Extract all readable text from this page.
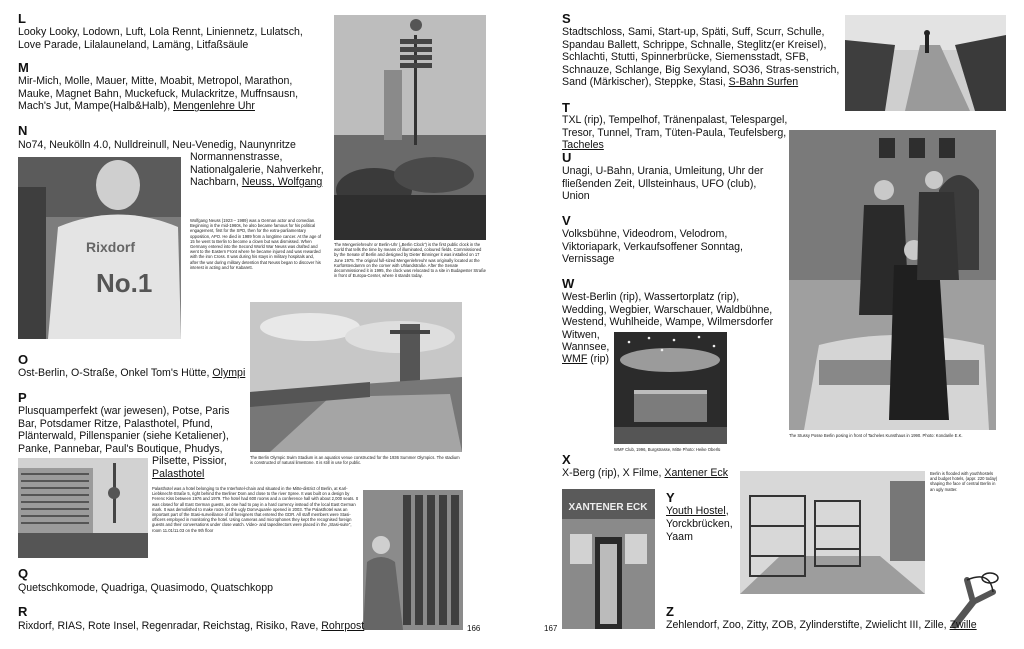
L
Looky Looky, Lodown, Luft, Lola Rennt, Liniennetz, Lulatsch, Love Parade, Lilalauneland, Lamäng, Litfaßsäule
M
Mir-Mich, Molle, Mauer, Mitte, Moabit, Metropol, Marathon, Mauke, Magnet Bahn, Muckefuck, Mulackritze, Muffnsausn, Mach's Jut, Mampe(Halb&Halb), Mengenlehre Uhr
N
No74, Neukölln 4.0, Nulldreinull, Neu-Venedig, Naunynritze
Normannenstrasse, Nationalgalerie, Nahverkehr, Nachbarn, Neuss, Wolfgang
Rixdorf
No.1
Wolfgang Neuss (1923 – 1989) was a German actor and comedian. Beginning in the mid-1960s, he also became famous for his political engagement, first for the SPD, then for the extra-parliamentary opposition, APO. He died in 1989 from a longtime cancer. At the age of 15 he went to Berlin to become a clown but was dismissed. When Germany entered into the Second World War Neuss was drafted and went to the Eastern Front where he became injured and was rewarded with the iron Cross. It was during his stays in military hospitals and, after the war during military detention that Neuss began to discover his interest in acting and for Kabarett.
The Mengenlehreuhr or Berlin-Uhr („Berlin Clock") is the first public clock in the world that tells the time by means of illuminated, coloured fields. Commissioned by the Senate of Berlin and designed by Dieter Binninger it was installed on 17 June 1975. The original full-sized Mengenlehreuhr was originally located at the Kurfürstendamm on the corner with Uhlandstraße. After the Senate decommissioned it in 1995, the clock was relocated to a site in Budapester Straße in front of Europa-Center, where it stands today.
The Berlin Olympic Swim Stadium is an aquatics venue constructed for the 1936 Summer Olympics. The stadium is constructed of natural limestone. It is still in use for public.
O
Ost-Berlin, O-Straße, Onkel Tom's Hütte, Olympi
P
Plusquamperfekt (war jewesen), Potse, Paris Bar, Potsdamer Ritze, Palasthotel, Pfund, Plänterwald, Pillenspanier (siehe Ketaliener), Panke, Pannebar, Paul's Boutique, Phudys,
Pilsette, Pissior, Palasthotel
Palasthotel was a hotel belonging to the Interhotel-chain and situated in the Mitte-district of Berlin, at Karl-Liebknecht-Straße 5, right behind the Berliner Dom and close to the river Spree. It was built on a design by Ferenc Kiss between 1976 and 1979. The hotel had 600 rooms and a conference hall with about 2,000 seats. It was closed for all East German guests, as one had to pay in a hard currency instead of the local East German mark. It was demolished to make room for the ugly DomAquarée opened in 2003. The Palasthotel was an important part of the Stasi-surveillance of all foreigners that entered the GDR. All staff members were Stasi-officers employed in monitoring the hotel. Using cameras and microphones they kept the recognised foreign guests and their conversations under close watch. Video- and tapedirectors were placed in the „Stasi-suite", room 11.01/11.03 on the 9th floor
Q
Quetschkomode, Quadriga, Quasimodo, Quatschkopp
R
Rixdorf, RIAS, Rote Insel, Regenradar, Reichstag, Risiko, Rave, Rohrpost	166
S
Stadtschloss, Sami, Start-up, Späti, Suff, Scurr, Schulle, Spandau Ballett, Schrippe, Schnalle, Steglitz(er Kreisel), Schlachti, Stutti, Spinnerbrücke, Siemensstadt, SFB, Schnauze, Schlange, Big Sexyland, SO36, Stras-senstrich, Sand (Märkischer), Steppke, Stasi, S-Bahn Surfen
T
TXL (rip), Tempelhof, Tränenpalast, Telespargel, Tresor, Tunnel, Tram, Tüten-Paula, Teufelsberg, Tacheles
The Stussy Posse Berlin posing in front of Tacheles Kunsthaus in 1990. Photo: Kondarile E.K.
U
Unagi, U-Bahn, Urania, Umleitung, Uhr der fließenden Zeit, Ullsteinhaus, UFO (club), Union
V
Volksbühne, Videodrom, Velodrom, Viktoriapark, Verkaufsoffener Sonntag, Vernissage
W
West-Berlin (rip), Wassertorplatz (rip), Wedding, Wegbier, Warschauer, Waldbühne, Westend, Wuhlheide, Wampe, Wilmersdorfer
Witwen,
Wannsee,
WMF (rip)
WMF Club, 1996, Burgstrasse, Mitte Photo: Heike Oberlü
X
X-Berg (rip), X Filme, Xantener Eck
XANTENER ECK
Y
Youth Hostel,
Yorckbrücken,
Yaam
Berlin is flooded with youthhostels and budget hotels, (appr. 220 today) shaping the face of central Berlin in an ugly matter.
Z
Zehlendorf, Zoo, Zitty, ZOB, Zylinderstifte, Zwielicht III, Zille, Zwille
167
